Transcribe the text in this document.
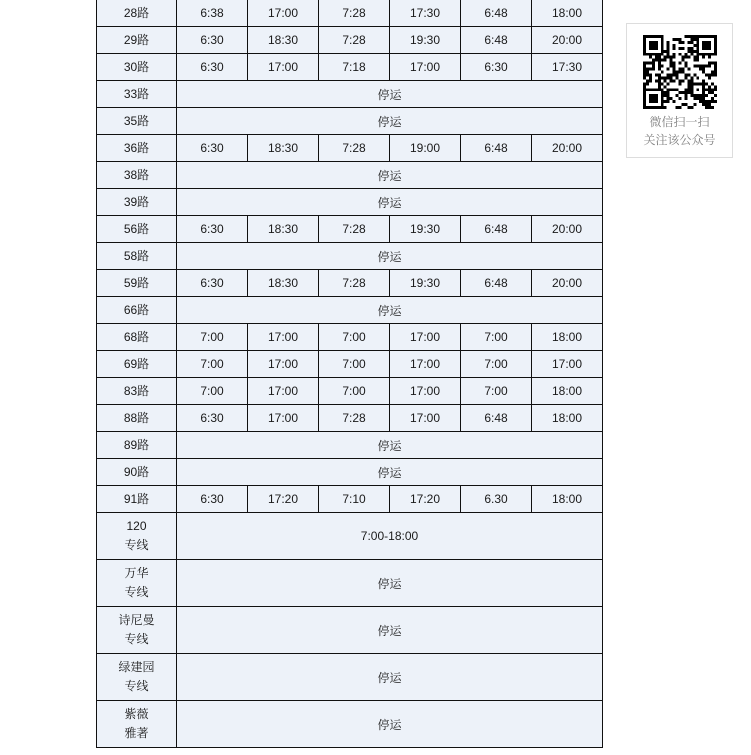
28路	6:38	17:00	7:28	17:30	6:48	18:00

29路	6:30	18:30	7:28	19:30	6:48	20:00

30路	6:30	17:00	7:18	17:00	6:30	17:30

33路	停运					

35路	停运					

36路	6:30	18:30	7:28	19:00	6:48	20:00

38路	停运					

39路	停运					

56路	6:30	18:30	7:28	19:30	6:48	20:00

58路	停运					

59路	6:30	18:30	7:28	19:30	6:48	20:00

66路	停运					

68路	7:00	17:00	7:00	17:00	7:00	18:00

69路	7:00	17:00	7:00	17:00	7:00	17:00

83路	7:00	17:00	7:00	17:00	7:00	18:00

88路	6:30	17:00	7:28	17:00	6:48	18:00

89路	停运					

90路	停运					

91路	6:30	17:20	7:10	17:20	6.30	18:00

120
专线	7:00-18:00					

万华
专线	停运					

诗尼曼
专线	停运					

绿建园
专线	停运					

紫薇
雅著	停运					
微信扫一扫
关注该公众号
